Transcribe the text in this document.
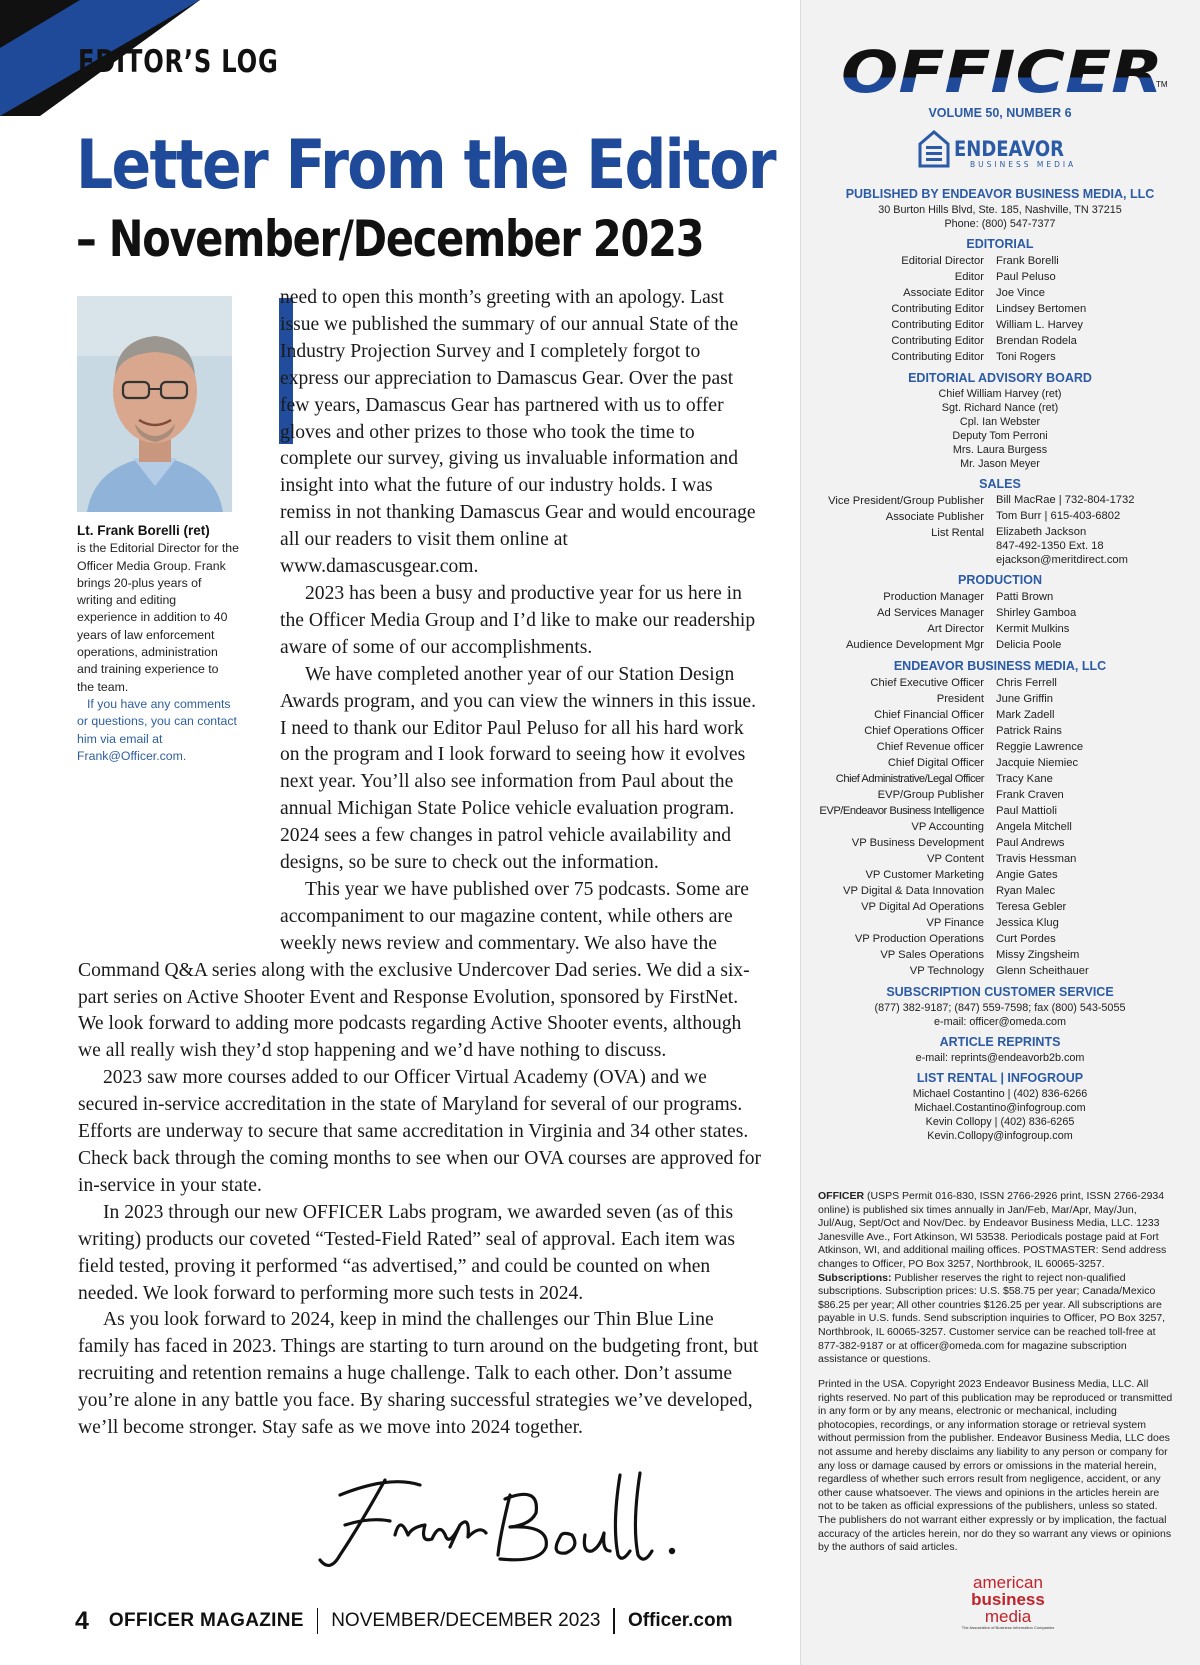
EDITOR’S LOG
Letter From the Editor
– November/December 2023
Lt. Frank Borelli (ret)
is the Editorial Director for the Officer Media Group. Frank brings 20-plus years of writing and editing experience in addition to 40 years of law enforcement operations, administration and training experience to the team.
If you have any comments or questions, you can contact him via email at Frank@Officer.com.

need to open this month’s greeting with an apology. Last issue we published the summary of our annual State of the Industry Projection Survey and I completely forgot to express our appreciation to Damascus Gear. Over the past few years, Damascus Gear has partnered with us to offer gloves and other prizes to those who took the time to complete our survey, giving us invaluable information and insight into what the future of our industry holds. I was remiss in not thanking Damascus Gear and would encourage all our readers to visit them online at www.damascusgear.com.

2023 has been a busy and productive year for us here in the Officer Media Group and I’d like to make our readership aware of some of our accomplishments.

We have completed another year of our Station Design Awards program, and you can view the winners in this issue. I need to thank our Editor Paul Peluso for all his hard work on the program and I look forward to seeing how it evolves next year. You’ll also see information from Paul about the annual Michigan State Police vehicle evaluation program. 2024 sees a few changes in patrol vehicle availability and designs, so be sure to check out the information.

This year we have published over 75 podcasts. Some are accompaniment to our magazine content, while others are weekly news review and commentary. We also have the Command Q&A series along with the exclusive Undercover Dad series. We did a six-part series on Active Shooter Event and Response Evolution, sponsored by FirstNet. We look forward to adding more podcasts regarding Active Shooter events, although we all really wish they’d stop happening and we’d have nothing to discuss.

2023 saw more courses added to our Officer Virtual Academy (OVA) and we secured in-service accreditation in the state of Maryland for several of our programs. Efforts are underway to secure that same accreditation in Virginia and 34 other states. Check back through the coming months to see when our OVA courses are approved for in-service in your state.

In 2023 through our new OFFICER Labs program, we awarded seven (as of this writing) products our coveted “Tested-Field Rated” seal of approval. Each item was field tested, proving it performed “as advertised,” and could be counted on when needed. We look forward to performing more such tests in 2024.

As you look forward to 2024, keep in mind the challenges our Thin Blue Line family has faced in 2023. Things are starting to turn around on the budgeting front, but recruiting and retention remains a huge challenge. Talk to each other. Don’t assume you’re alone in any battle you face. By sharing successful strategies we’ve developed, we’ll become stronger. Stay safe as we move into 2024 together.

4 OFFICER MAGAZINE NOVEMBER/DECEMBER 2023 Officer.com
OFFICER
TM
VOLUME 50, NUMBER 6
ENDEAVOR
BUSINESS MEDIA
PUBLISHED BY ENDEAVOR BUSINESS MEDIA, LLC
30 Burton Hills Blvd, Ste. 185, Nashville, TN 37215
Phone: (800) 547-7377
EDITORIAL
Editorial Director	Frank Borelli
Editor	Paul Peluso
Associate Editor	Joe Vince
Contributing Editor	Lindsey Bertomen
Contributing Editor	William L. Harvey
Contributing Editor	Brendan Rodela
Contributing Editor	Toni Rogers
EDITORIAL ADVISORY BOARD
Chief William Harvey (ret)
Sgt. Richard Nance (ret)
Cpl. Ian Webster
Deputy Tom Perroni
Mrs. Laura Burgess
Mr. Jason Meyer
SALES
Vice President/Group Publisher	Bill MacRae | 732-804-1732
Associate Publisher	Tom Burr | 615-403-6802
List Rental	Elizabeth Jackson
847-492-1350 Ext. 18
ejackson@meritdirect.com
PRODUCTION
Production Manager	Patti Brown
Ad Services Manager	Shirley Gamboa
Art Director	Kermit Mulkins
Audience Development Mgr	Delicia Poole
ENDEAVOR BUSINESS MEDIA, LLC
Chief Executive Officer	Chris Ferrell
President	June Griffin
Chief Financial Officer	Mark Zadell
Chief Operations Officer	Patrick Rains
Chief Revenue officer	Reggie Lawrence
Chief Digital Officer	Jacquie Niemiec
Chief Administrative/Legal Officer	Tracy Kane
EVP/Group Publisher	Frank Craven
EVP/Endeavor Business Intelligence	Paul Mattioli
VP Accounting	Angela Mitchell
VP Business Development	Paul Andrews
VP Content	Travis Hessman
VP Customer Marketing	Angie Gates
VP Digital & Data Innovation	Ryan Malec
VP Digital Ad Operations	Teresa Gebler
VP Finance	Jessica Klug
VP Production Operations	Curt Pordes
VP Sales Operations	Missy Zingsheim
VP Technology	Glenn Scheithauer
SUBSCRIPTION CUSTOMER SERVICE
(877) 382-9187; (847) 559-7598; fax (800) 543-5055
e-mail: officer@omeda.com
ARTICLE REPRINTS
e-mail: reprints@endeavorb2b.com
LIST RENTAL | INFOGROUP
Michael Costantino | (402) 836-6266
Michael.Costantino@infogroup.com
Kevin Collopy | (402) 836-6265
Kevin.Collopy@infogroup.com

OFFICER (USPS Permit 016-830, ISSN 2766-2926 print, ISSN 2766-2934 online) is published six times annually in Jan/Feb, Mar/Apr, May/Jun, Jul/Aug, Sept/Oct and Nov/Dec. by Endeavor Business Media, LLC. 1233 Janesville Ave., Fort Atkinson, WI 53538. Periodicals postage paid at Fort Atkinson, WI, and additional mailing offices. POSTMASTER: Send address changes to Officer, PO Box 3257, Northbrook, IL 60065-3257. Subscriptions: Publisher reserves the right to reject non-qualified subscriptions. Subscription prices: U.S. $58.75 per year; Canada/Mexico $86.25 per year; All other countries $126.25 per year. All subscriptions are payable in U.S. funds. Send subscription inquiries to Officer, PO Box 3257, Northbrook, IL 60065-3257. Customer service can be reached toll-free at 877-382-9187 or at officer@omeda.com for magazine subscription assistance or questions.

Printed in the USA. Copyright 2023 Endeavor Business Media, LLC. All rights reserved. No part of this publication may be reproduced or transmitted in any form or by any means, electronic or mechanical, including photocopies, recordings, or any information storage or retrieval system without permission from the publisher. Endeavor Business Media, LLC does not assume and hereby disclaims any liability to any person or company for any loss or damage caused by errors or omissions in the material herein, regardless of whether such errors result from negligence, accident, or any other cause whatsoever. The views and opinions in the articles herein are not to be taken as official expressions of the publishers, unless so stated. The publishers do not warrant either expressly or by implication, the factual accuracy of the articles herein, nor do they so warrant any views or opinions by the authors of said articles.

american
business
media
The Association of Business Information Companies
